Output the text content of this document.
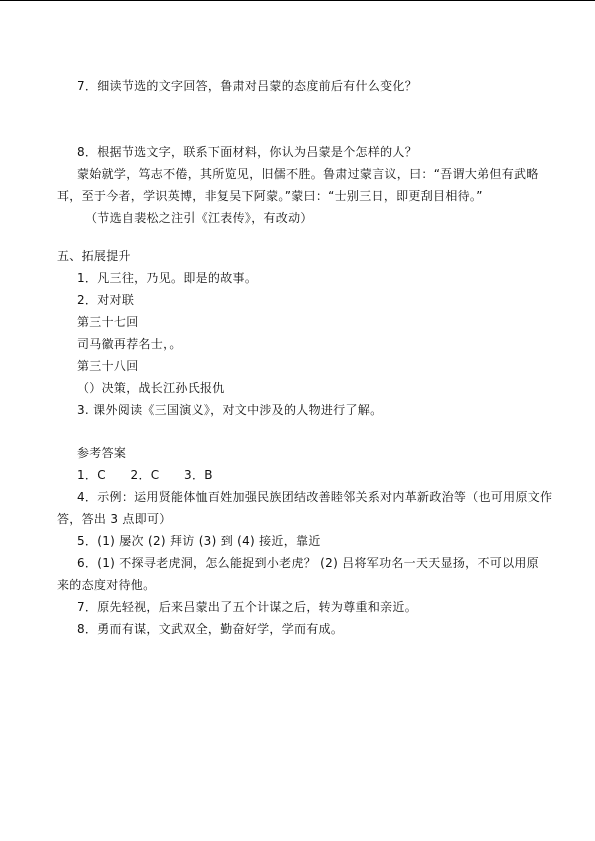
7．细读节选的文字回答，鲁肃对吕蒙的态度前后有什么变化？
8．根据节选文字，联系下面材料，你认为吕蒙是个怎样的人？
蒙始就学，笃志不倦，其所览见，旧儒不胜。鲁肃过蒙言议，曰：“吾谓大弟但有武略
耳，至于今者，学识英博，非复吴下阿蒙。”蒙曰：“士别三日，即更刮目相待。”
（节选自裴松之注引《江表传》，有改动）
五、拓展提升
1．凡三往，乃见。即是的故事。
2．对对联
第三十七回
司马徽再荐名士，。
第三十八回
（）决策，战长江孙氏报仇
3. 课外阅读《三国演义》，对文中涉及的人物进行了解。
参考答案
1．C　　2．C　　3．B
4．示例：运用贤能体恤百姓加强民族团结改善睦邻关系对内革新政治等（也可用原文作
答，答出 3 点即可）
5．(1) 屡次 (2) 拜访 (3) 到 (4) 接近，靠近
6．(1) 不探寻老虎洞，怎么能捉到小老虎？ (2) 吕将军功名一天天显扬，不可以用原
来的态度对待他。
7．原先轻视，后来吕蒙出了五个计谋之后，转为尊重和亲近。
8．勇而有谋，文武双全，勤奋好学，学而有成。
